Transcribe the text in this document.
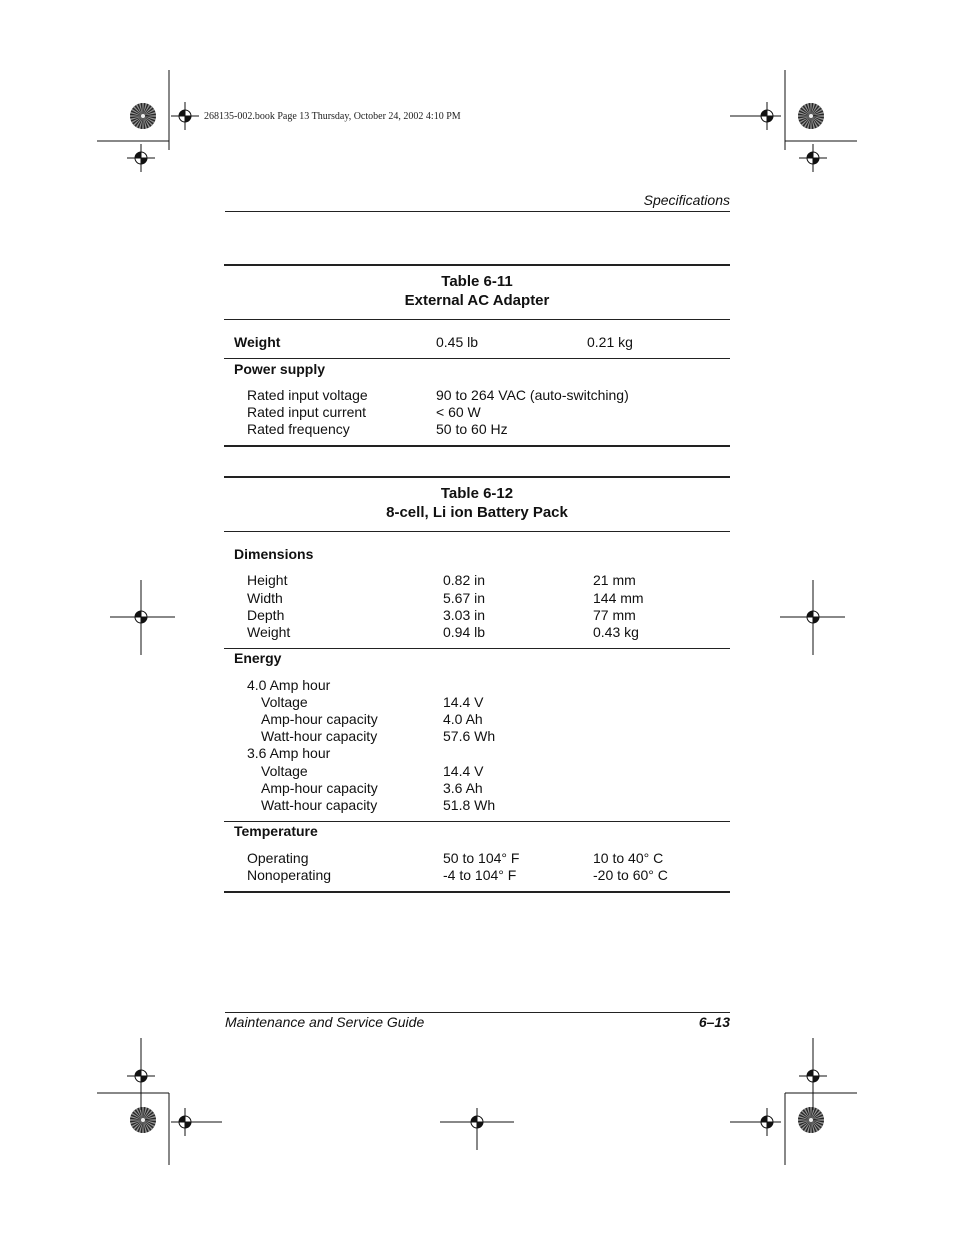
268135-002.book Page 13 Thursday, October 24, 2002 4:10 PM
Specifications
Table 6-11
External AC Adapter
Weight	0.45 lb	0.21 kg
Power supply
Rated input voltage	90 to 264 VAC (auto-switching)
Rated input current	< 60 W
Rated frequency	50 to 60 Hz
Table 6-12
8-cell, Li ion Battery Pack
Dimensions
Height	0.82 in	21 mm
Width	5.67 in	144 mm
Depth	3.03 in	77 mm
Weight	0.94 lb	0.43 kg
Energy
4.0 Amp hour
Voltage	14.4 V
Amp-hour capacity	4.0 Ah
Watt-hour capacity	57.6 Wh
3.6 Amp hour
Voltage	14.4 V
Amp-hour capacity	3.6 Ah
Watt-hour capacity	51.8 Wh
Temperature
Operating	50 to 104° F	10 to 40° C
Nonoperating	-4 to 104° F	-20 to 60° C
Maintenance and Service Guide	6–13
